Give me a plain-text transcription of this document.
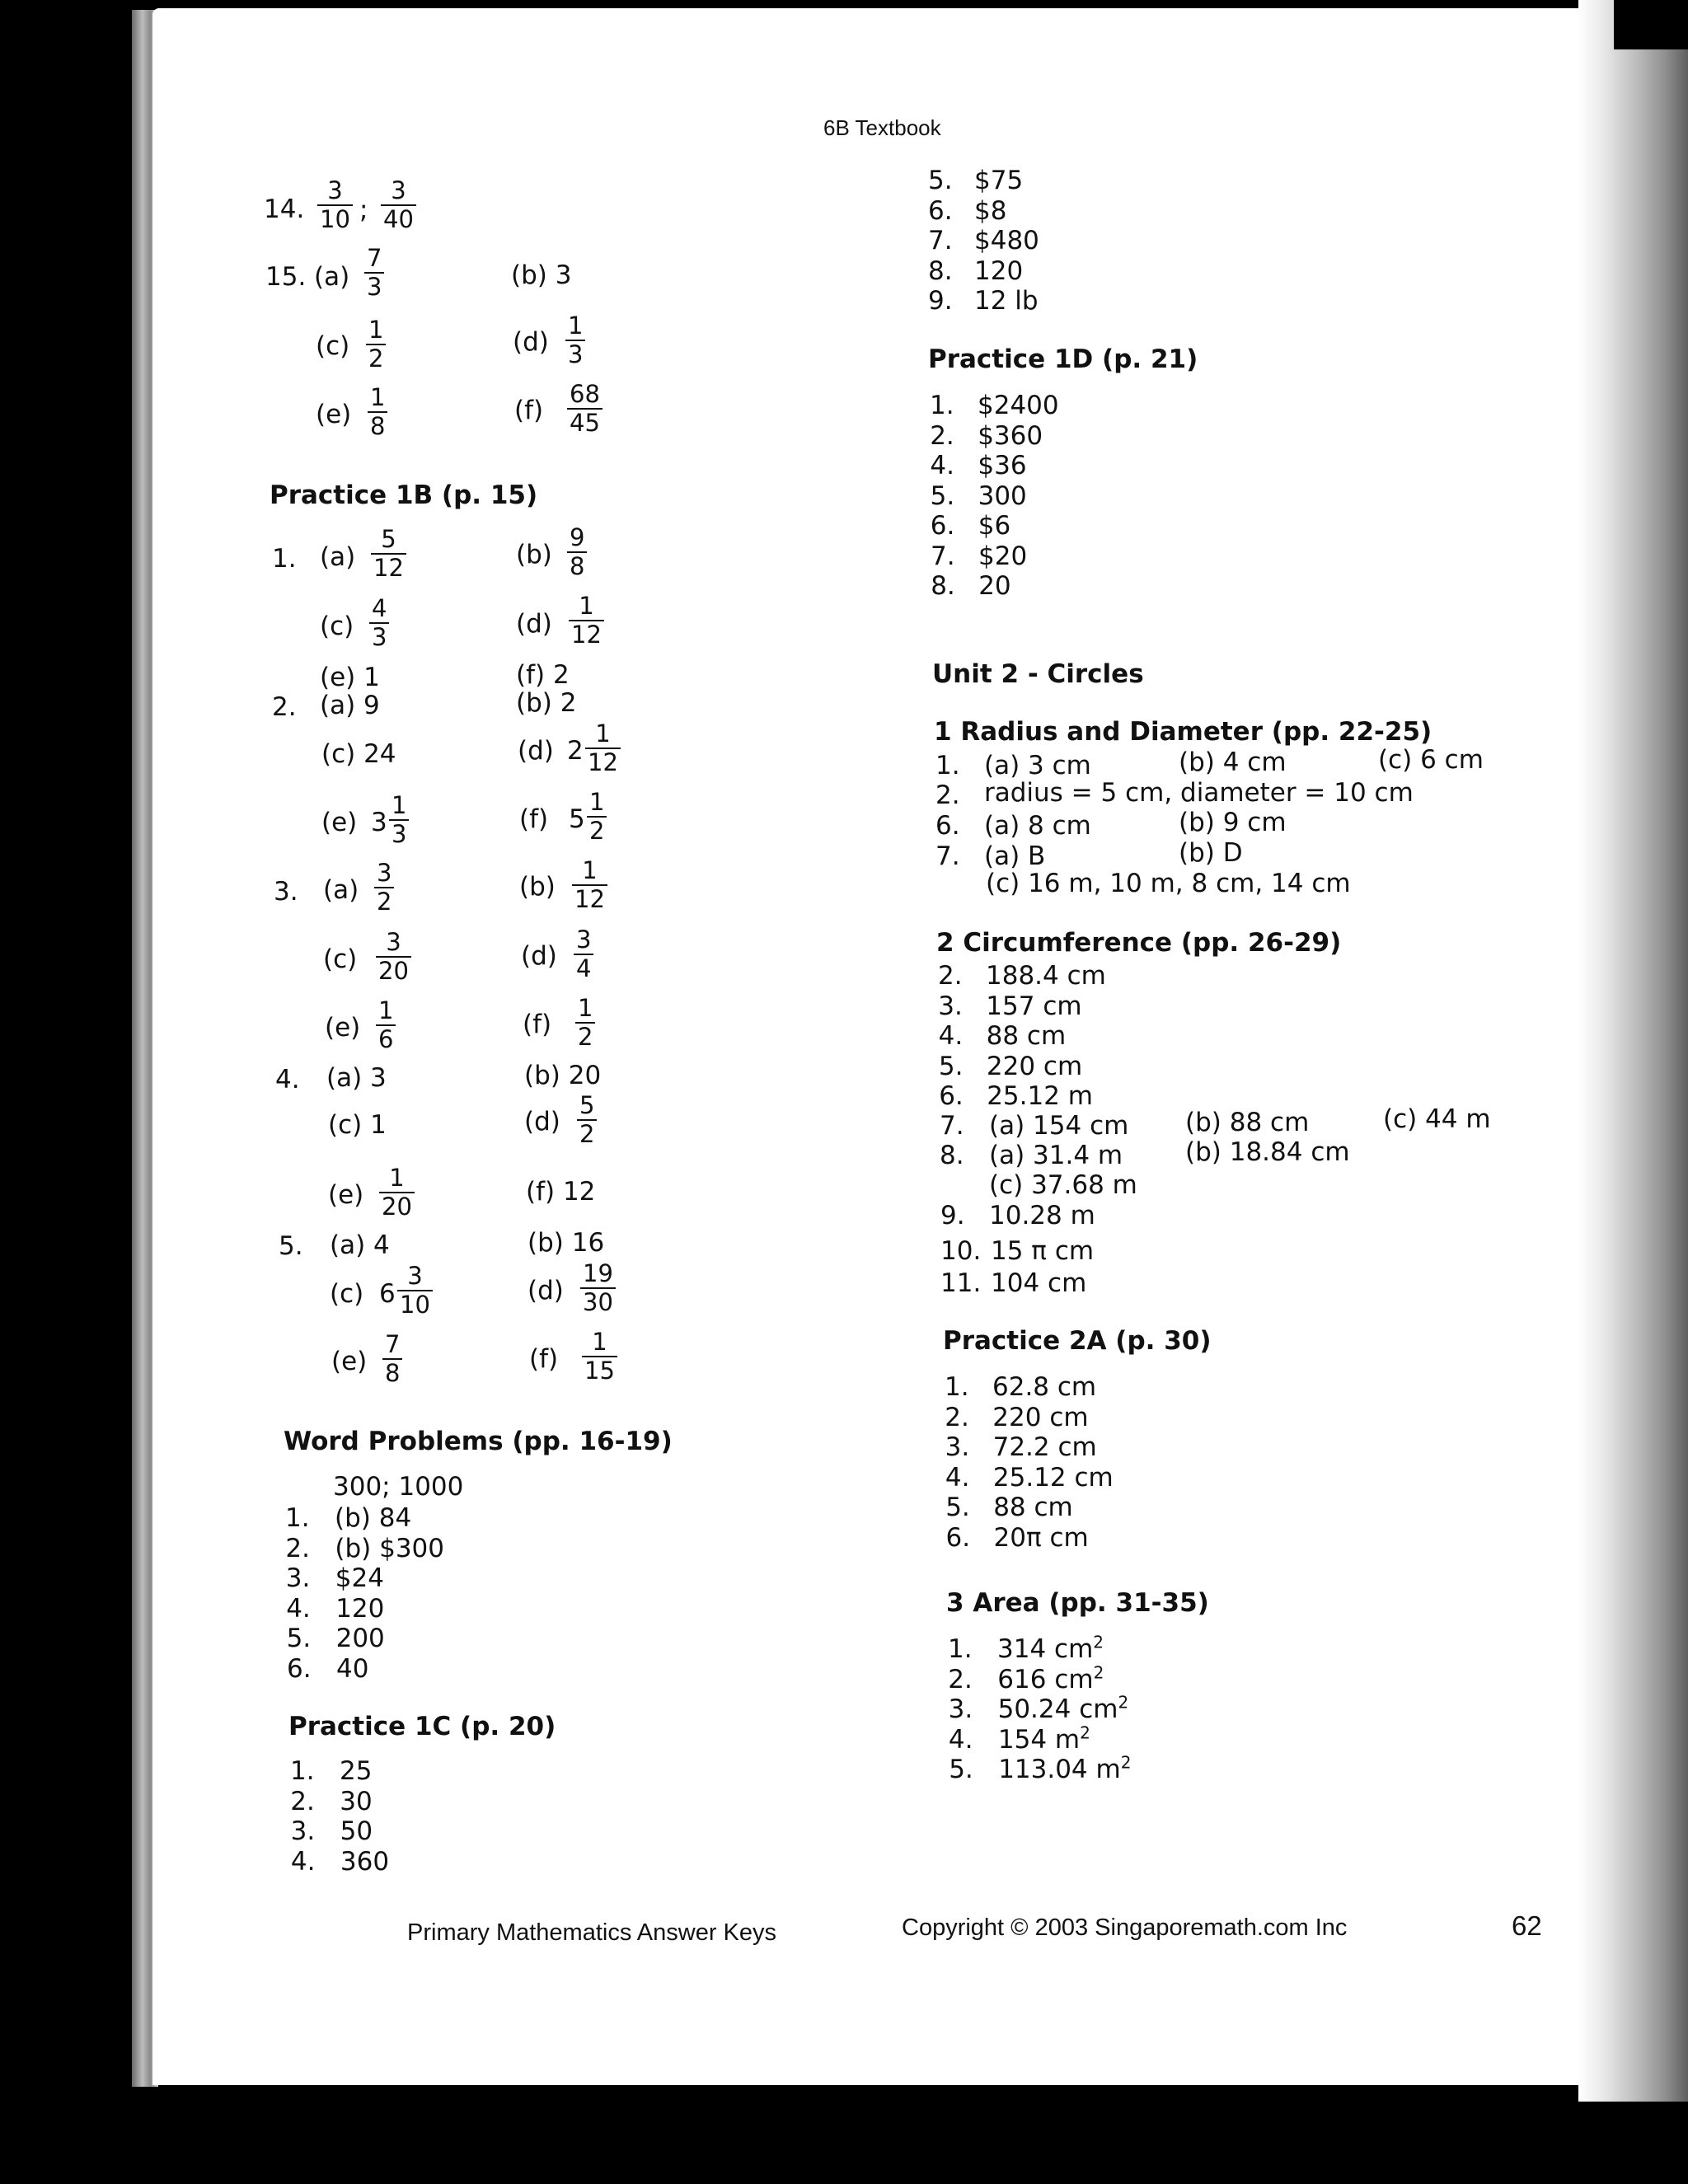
6B Textbook
14. $\frac{3}{10}$ ; $\frac{3}{40}$
15. $(a) \frac{7}{3}$	(b) 3
$(c) \frac{1}{2}$	$(d) \frac{1}{3}$
$(e) \frac{1}{8}$	$(f) \frac{68}{45}$
Practice 1B (p. 15)
1. $(a) \frac{5}{12}$	$(b) \frac{9}{8}$
$(c) \frac{4}{3}$	$(d) \frac{1}{12}$
(e) 1	(f) 2
2. (a) 9	(b) 2
(c) 24	(d) $2 \frac{1}{12}$
(e) $3 \frac{1}{3}$	(f) $5 \frac{1}{2}$
3. $(a) \frac{3}{2}$	$(b) \frac{1}{12}$
$(c) \frac{3}{20}$	$(d) \frac{3}{4}$
$(e) \frac{1}{6}$	$(f) \frac{1}{2}$
4. (a) 3	(b) 20
(c) 1	$(d) \frac{5}{2}$
$(e) \frac{1}{20}$	(f) 12
5. (a) 4	(b) 16
(c) $6 \frac{3}{10}$	$(d) \frac{19}{30}$
$(e) \frac{7}{8}$	$(f) \frac{1}{15}$
Word Problems (pp. 16-19)
300; 1000
1. (b) 84
2. (b) $300
3. $24
4. 120
5. 200
6. 40
Practice 1C (p. 20)
1. 25
2. 30
3. 50
4. 360
5. $75
6. $8
7. $480
8. 120
9. 12 lb
Practice 1D (p. 21)
1. $2400
2. $360
4. $36
5. 300
6. $6
7. $20
8. 20
Unit 2 - Circles
1 Radius and Diameter (pp. 22-25)
1. (a) 3 cm	(b) 4 cm	(c) 6 cm
2. radius = 5 cm, diameter = 10 cm
6. (a) 8 cm	(b) 9 cm
7. (a) B	(b) D
(c) 16 m, 10 m, 8 cm, 14 cm
2 Circumference (pp. 26-29)
2. 188.4 cm
3. 157 cm
4. 88 cm
5. 220 cm
6. 25.12 m
7. (a) 154 cm (b) 88 cm	(c) 44 m
8. (a) 31.4 m (b) 18.84 cm
(c) 37.68 m
9. 10.28 m
10. 15 π cm
11. 104 cm
Practice 2A (p. 30)
1. 62.8 cm
2. 220 cm
3. 72.2 cm
4. 25.12 cm
5. 88 cm
6. 20π cm
3 Area (pp. 31-35)
1. 314 $cm^2$
2. 616 $cm^2$
3. 50.24 $cm^2$
4. 154 $m^2$
5. 113.04 $m^2$
Primary Mathematics Answer Keys	Copyright © 2003 Singaporemath.com Inc	62
